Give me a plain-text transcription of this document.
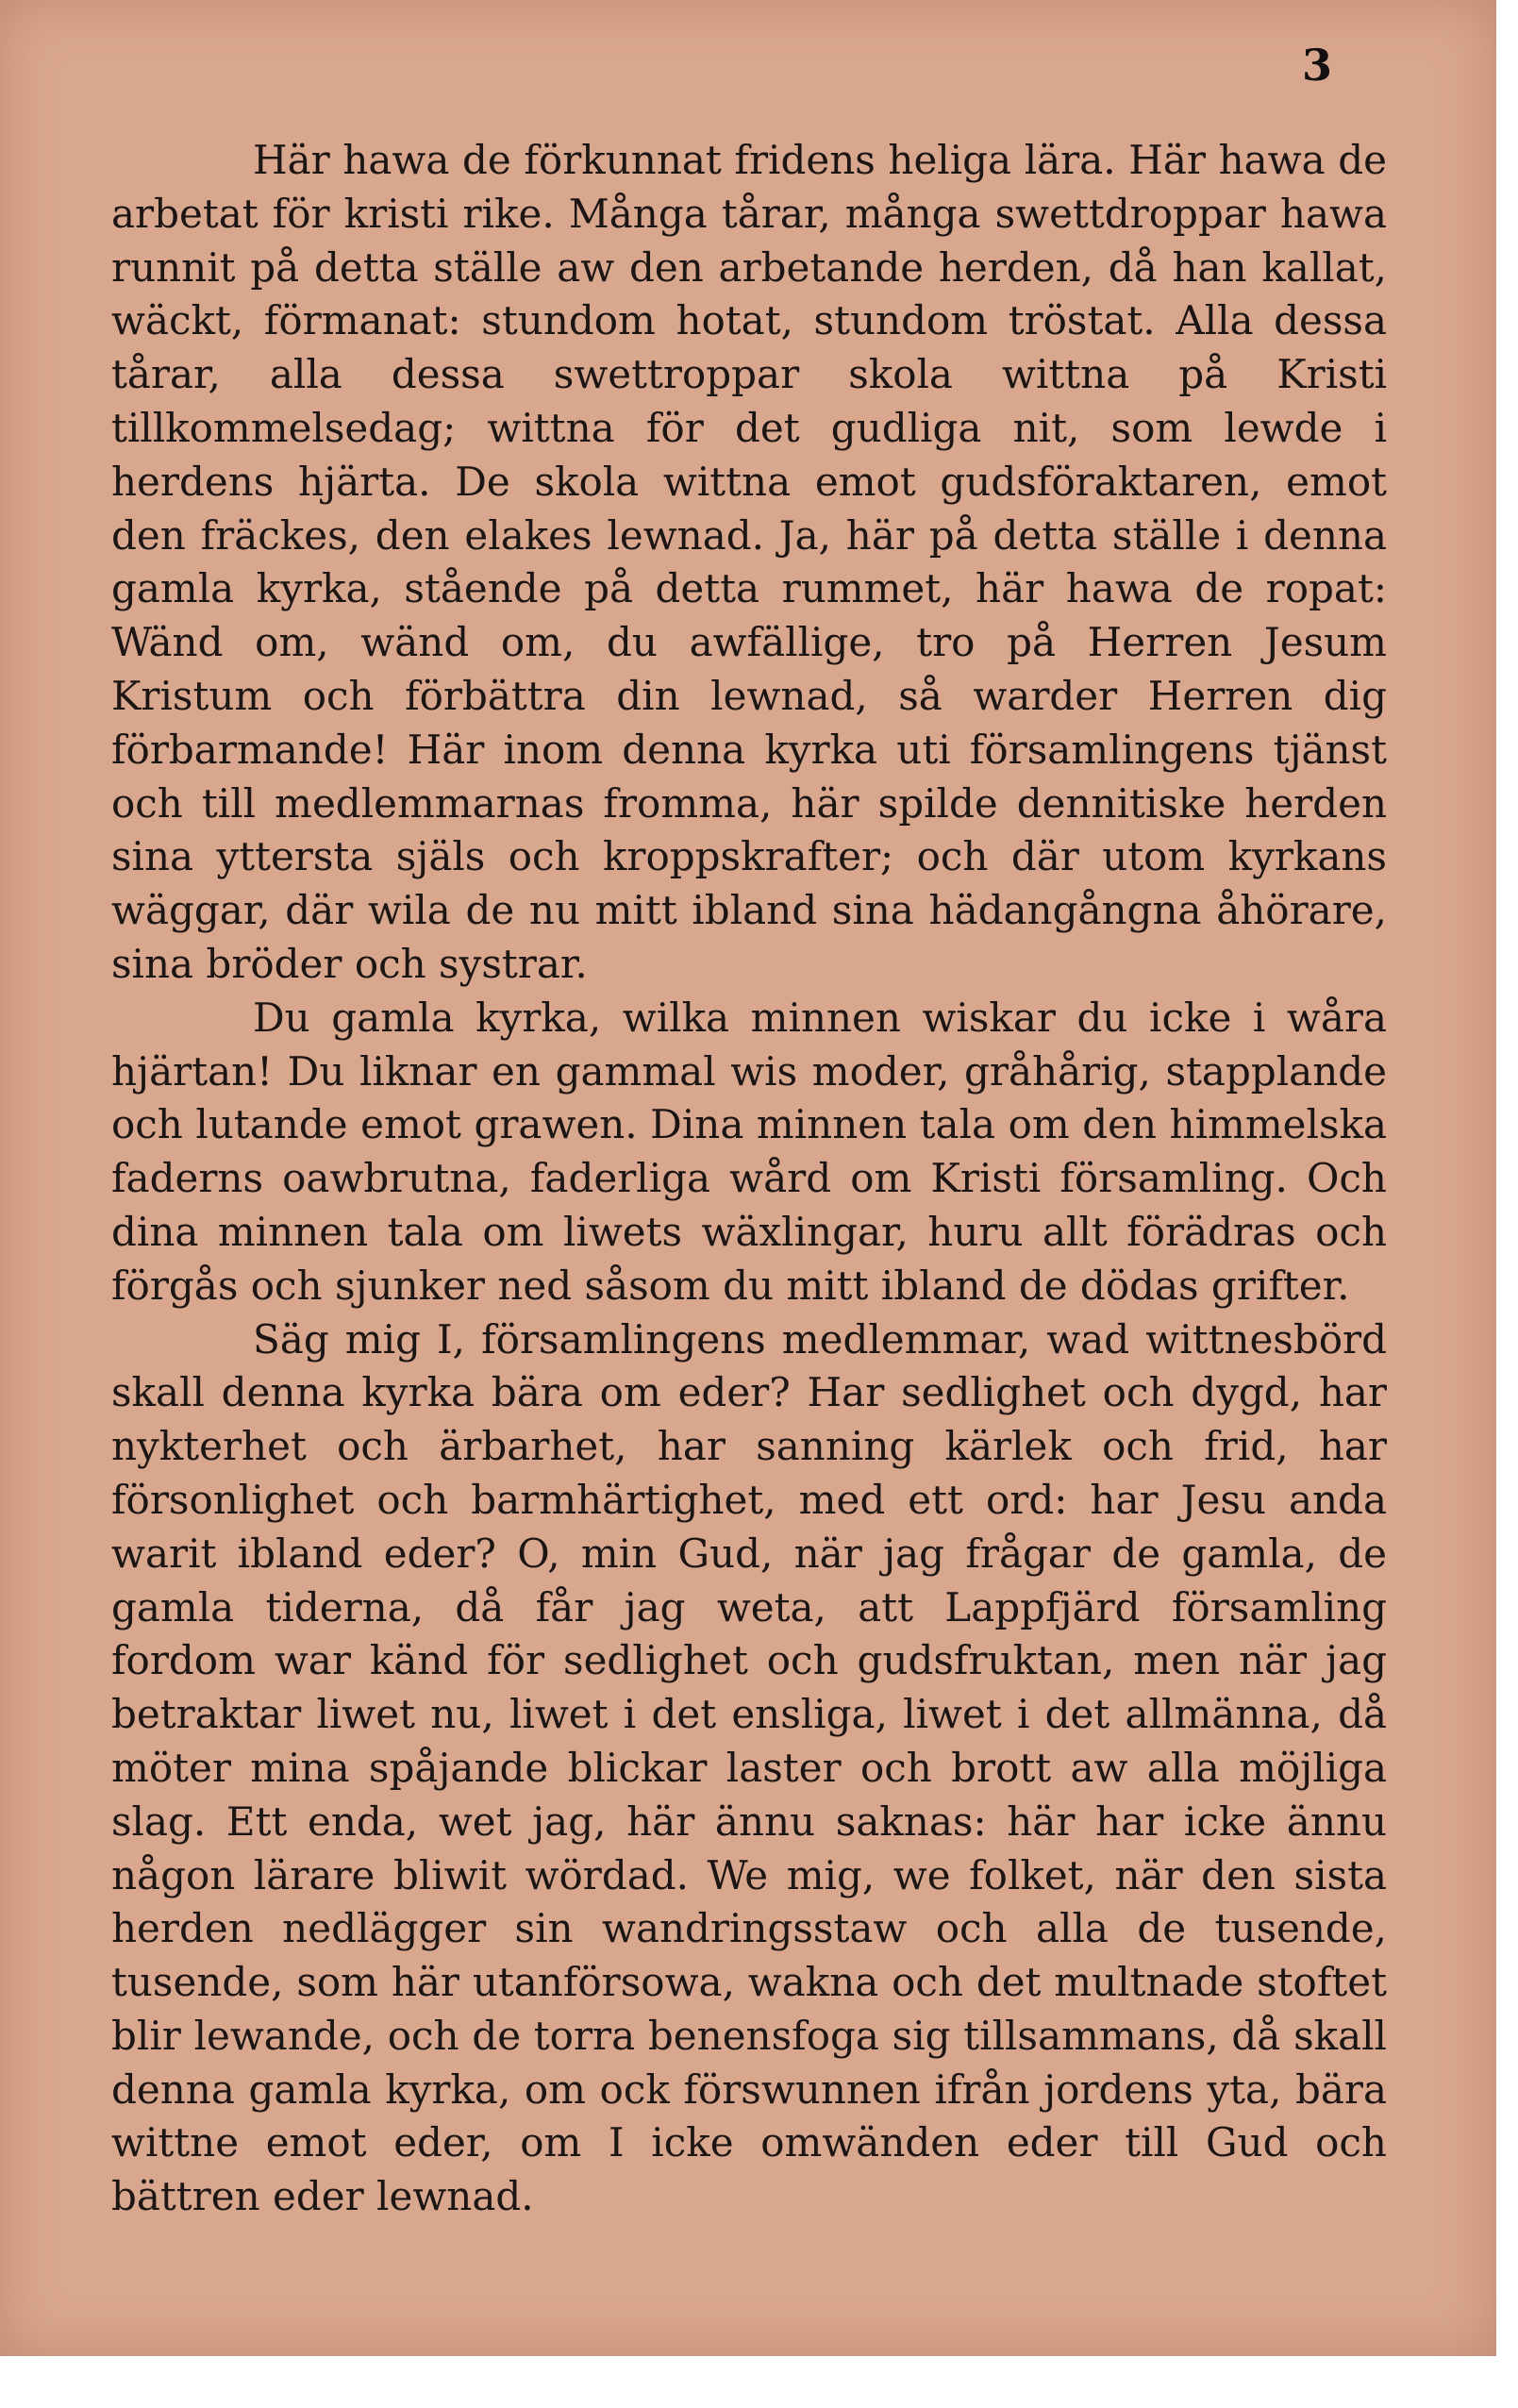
3

Här hawa de förkunnat fridens heliga lära. Här hawa de arbetat för kristi rike. Många tårar, många swettdroppar hawa runnit på detta ställe aw den arbetande herden, då han kallat, wäckt, förmanat: stundom hotat, stundom tröstat. Alla dessa tårar, alla dessa swettroppar skola wittna på Kristi tillkommelsedag; wittna för det gudliga nit, som lewde i herdens hjärta. De skola wittna emot gudsföraktaren, emot den fräckes, den elakes lewnad. Ja, här på detta ställe i denna gamla kyrka, stående på detta rummet, här hawa de ropat: Wänd om, wänd om, du awfällige, tro på Herren Jesum Kristum och förbättra din lewnad, så warder Herren dig förbarmande! Här inom denna kyrka uti församlingens tjänst och till medlemmarnas fromma, här spilde dennitiske herden sina yttersta själs och kroppskrafter; och där utom kyrkans wäggar, där wila de nu mitt ibland sina hädangångna åhörare, sina bröder och systrar.

Du gamla kyrka, wilka minnen wiskar du icke i wåra hjärtan! Du liknar en gammal wis moder, gråhårig, stapplande och lutande emot grawen. Dina minnen tala om den himmelska faderns oawbrutna, faderliga wård om Kristi församling. Och dina minnen tala om liwets wäxlingar, huru allt förädras och förgås och sjunker ned såsom du mitt ibland de dödas grifter.

Säg mig I, församlingens medlemmar, wad wittnesbörd skall denna kyrka bära om eder? Har sedlighet och dygd, har nykterhet och ärbarhet, har sanning kärlek och frid, har försonlighet och barmhärtighet, med ett ord: har Jesu anda warit ibland eder? O, min Gud, när jag frågar de gamla, de gamla tiderna, då får jag weta, att Lappfjärd församling fordom war känd för sedlighet och gudsfruktan, men när jag betraktar liwet nu, liwet i det ensliga, liwet i det allmänna, då möter mina spåjande blickar laster och brott aw alla möjliga slag. Ett enda, wet jag, här ännu saknas: här har icke ännu någon lärare bliwit wördad. We mig, we folket, när den sista herden nedlägger sin wandringsstaw och alla de tusende, tusende, som här utanförsowa, wakna och det multnade stoftet blir lewande, och de torra benensfoga sig tillsammans, då skall denna gamla kyrka, om ock förswunnen ifrån jordens yta, bära wittne emot eder, om I icke omwänden eder till Gud och bättren eder lewnad.
